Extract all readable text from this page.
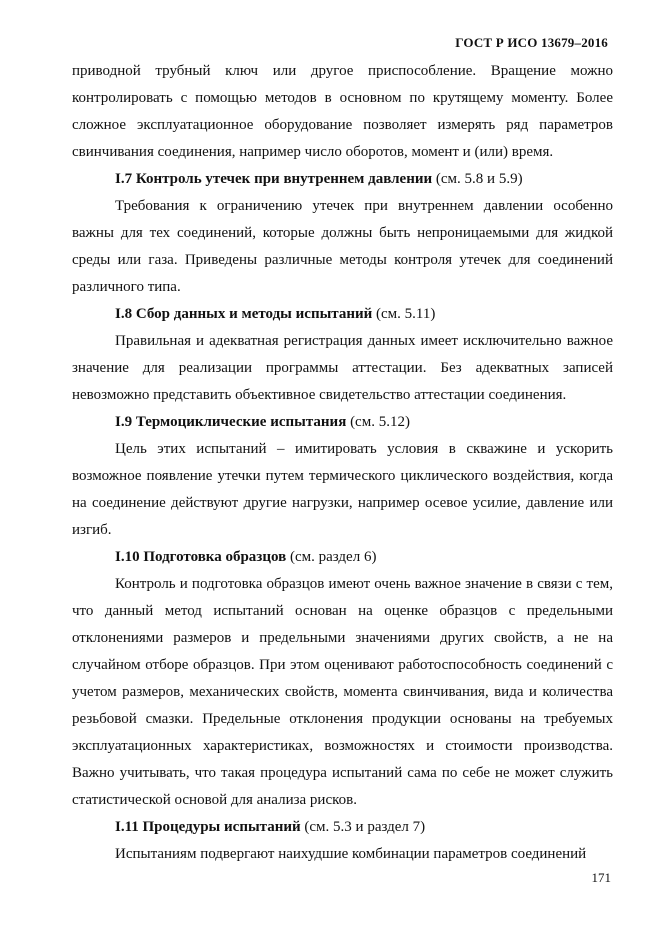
ГОСТ Р ИСО 13679–2016

приводной трубный ключ или другое приспособление. Вращение можно контролировать с помощью методов в основном по крутящему моменту. Более сложное эксплуатационное оборудование позволяет измерять ряд параметров свинчивания соединения, например число оборотов, момент и (или) время.

I.7 Контроль утечек при внутреннем давлении (см. 5.8 и 5.9)

Требования к ограничению утечек при внутреннем давлении особенно важны для тех соединений, которые должны быть непроницаемыми для жидкой среды или газа. Приведены различные методы контроля утечек для соединений различного типа.

I.8 Сбор данных и методы испытаний (см. 5.11)

Правильная и адекватная регистрация данных имеет исключительно важное значение для реализации программы аттестации. Без адекватных записей невозможно представить объективное свидетельство аттестации соединения.

I.9 Термоциклические испытания (см. 5.12)

Цель этих испытаний – имитировать условия в скважине и ускорить возможное появление утечки путем термического циклического воздействия, когда на соединение действуют другие нагрузки, например осевое усилие, давление или изгиб.

I.10 Подготовка образцов (см. раздел 6)

Контроль и подготовка образцов имеют очень важное значение в связи с тем, что данный метод испытаний основан на оценке образцов с предельными отклонениями размеров и предельными значениями других свойств, а не на случайном отборе образцов. При этом оценивают работоспособность соединений с учетом размеров, механических свойств, момента свинчивания, вида и количества резьбовой смазки. Предельные отклонения продукции основаны на требуемых эксплуатационных характеристиках, возможностях и стоимости производства. Важно учитывать, что такая процедура испытаний сама по себе не может служить статистической основой для анализа рисков.

I.11 Процедуры испытаний (см. 5.3 и раздел 7)

Испытаниям подвергают наихудшие комбинации параметров соединений

171
